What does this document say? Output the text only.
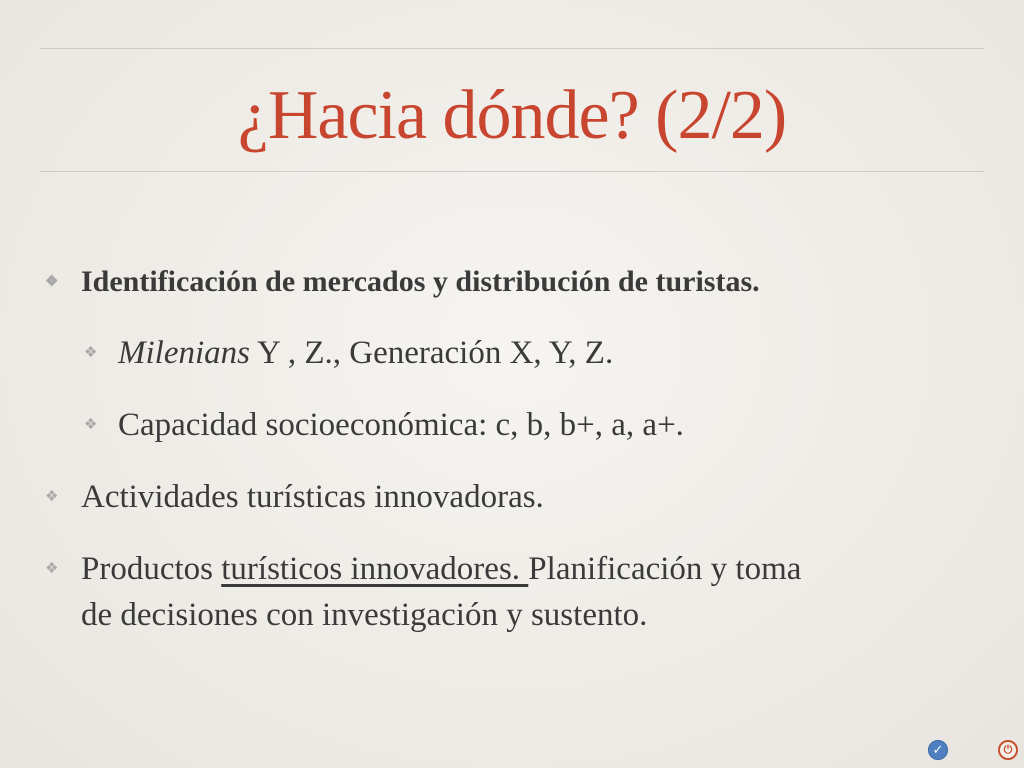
¿Hacia dónde? (2/2)
❖ Identificación de mercados y distribución de turistas.
❖ Milenians Y , Z., Generación X, Y, Z.
❖ Capacidad socioeconómica: c, b, b+, a, a+.
❖ Actividades turísticas innovadoras.
❖ Productos turísticos innovadores. Planificación y toma
de decisiones con investigación y sustento.
✓	⏻
